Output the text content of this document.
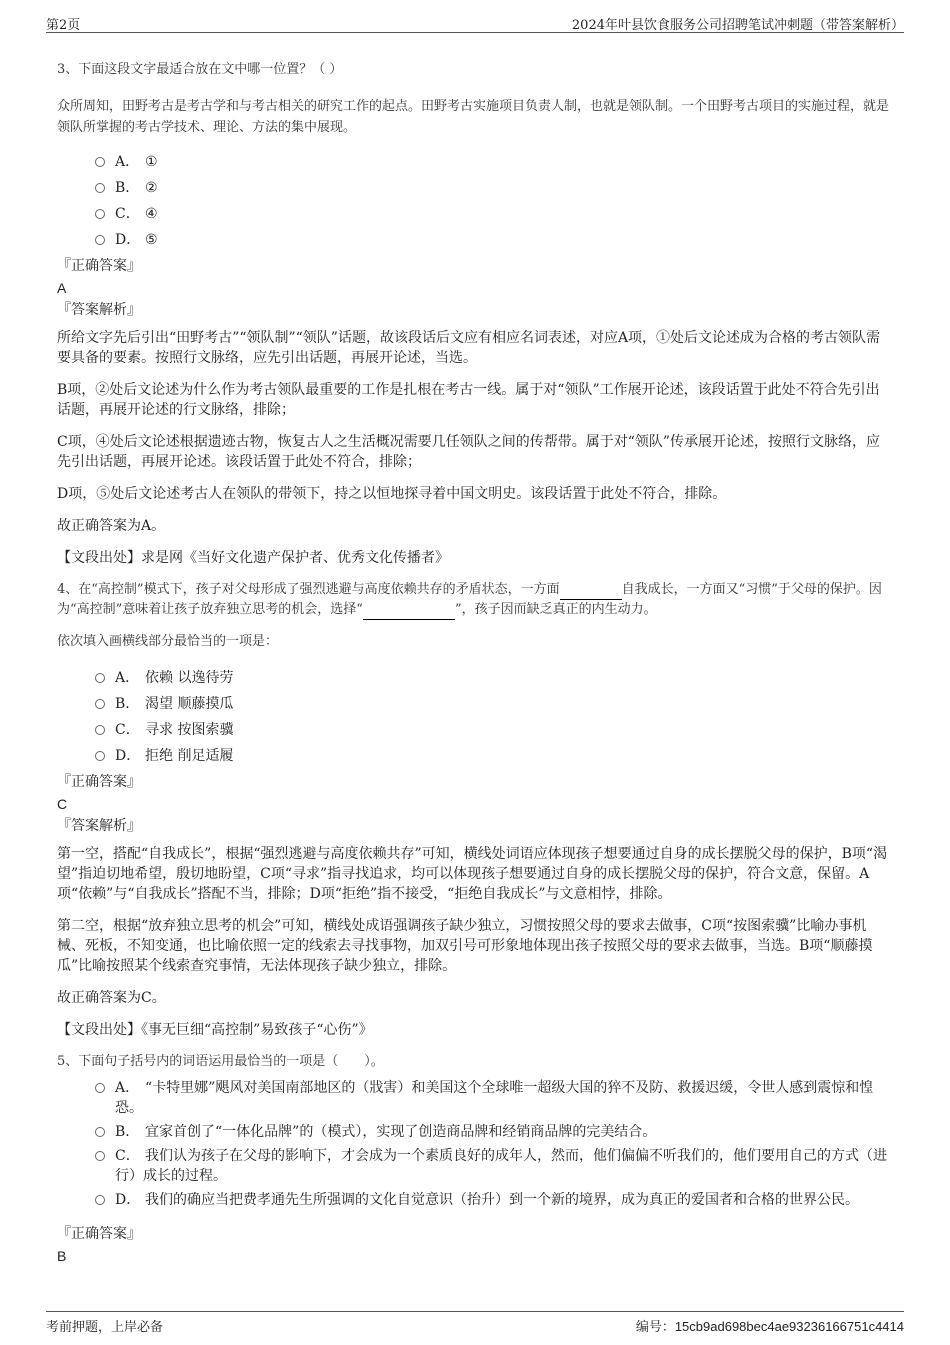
第2页	2024年叶县饮食服务公司招聘笔试冲刺题（带答案解析）
3、下面这段文字最适合放在文中哪一位置？（ ）
众所周知，田野考古是考古学和与考古相关的研究工作的起点。田野考古实施项目负责人制，也就是领队制。一个田野考古项目的实施过程，就是领队所掌握的考古学技术、理论、方法的集中展现。
A． ①
B． ②
C． ④
D． ⑤
『正确答案』
A
『答案解析』
所给文字先后引出“田野考古”“领队制”“领队”话题，故该段话后文应有相应名词表述，对应A项，①处后文论述成为合格的考古领队需要具备的要素。按照行文脉络，应先引出话题，再展开论述，当选。
B项，②处后文论述为什么作为考古领队最重要的工作是扎根在考古一线。属于对“领队”工作展开论述，该段话置于此处不符合先引出话题，再展开论述的行文脉络，排除；
C项，④处后文论述根据遗迹古物，恢复古人之生活概况需要几任领队之间的传帮带。属于对“领队”传承展开论述，按照行文脉络，应先引出话题，再展开论述。该段话置于此处不符合，排除；
D项，⑤处后文论述考古人在领队的带领下，持之以恒地探寻着中国文明史。该段话置于此处不符合，排除。
故正确答案为A。
【文段出处】求是网《当好文化遗产保护者、优秀文化传播者》
4、在“高控制”模式下，孩子对父母形成了强烈逃避与高度依赖共存的矛盾状态，一方面	自我成长，一方面又“习惯”于父母的保护。因为“高控制”意味着让孩子放弃独立思考的机会，选择“	”，孩子因而缺乏真正的内生动力。
依次填入画横线部分最恰当的一项是：
A． 依赖 以逸待劳
B． 渴望 顺藤摸瓜
C． 寻求 按图索骥
D． 拒绝 削足适履
『正确答案』
C
『答案解析』
第一空，搭配“自我成长”，根据“强烈逃避与高度依赖共存”可知，横线处词语应体现孩子想要通过自身的成长摆脱父母的保护，B项“渴望”指迫切地希望，殷切地盼望，C项“寻求”指寻找追求，均可以体现孩子想要通过自身的成长摆脱父母的保护，符合文意，保留。A项“依赖”与“自我成长”搭配不当，排除；D项“拒绝”指不接受，“拒绝自我成长”与文意相悖，排除。
第二空，根据“放弃独立思考的机会”可知，横线处成语强调孩子缺少独立，习惯按照父母的要求去做事，C项“按图索骥”比喻办事机械、死板，不知变通，也比喻依照一定的线索去寻找事物，加双引号可形象地体现出孩子按照父母的要求去做事，当选。B项“顺藤摸瓜”比喻按照某个线索查究事情，无法体现孩子缺少独立，排除。
故正确答案为C。
【文段出处】《事无巨细“高控制”易致孩子“心伤”》
5、下面句子括号内的词语运用最恰当的一项是（　　）。
A． “卡特里娜”飓风对美国南部地区的（戕害）和美国这个全球唯一超级大国的猝不及防、救援迟缓，令世人感到震惊和惶恐。
B． 宜家首创了“一体化品牌”的（模式），实现了创造商品牌和经销商品牌的完美结合。
C． 我们认为孩子在父母的影响下，才会成为一个素质良好的成年人，然而，他们偏偏不听我们的，他们要用自己的方式（进行）成长的过程。
D． 我们的确应当把费孝通先生所强调的文化自觉意识（抬升）到一个新的境界，成为真正的爱国者和合格的世界公民。
『正确答案』
B
考前押题，上岸必备	编号：15cb9ad698bec4ae93236166751c4414
